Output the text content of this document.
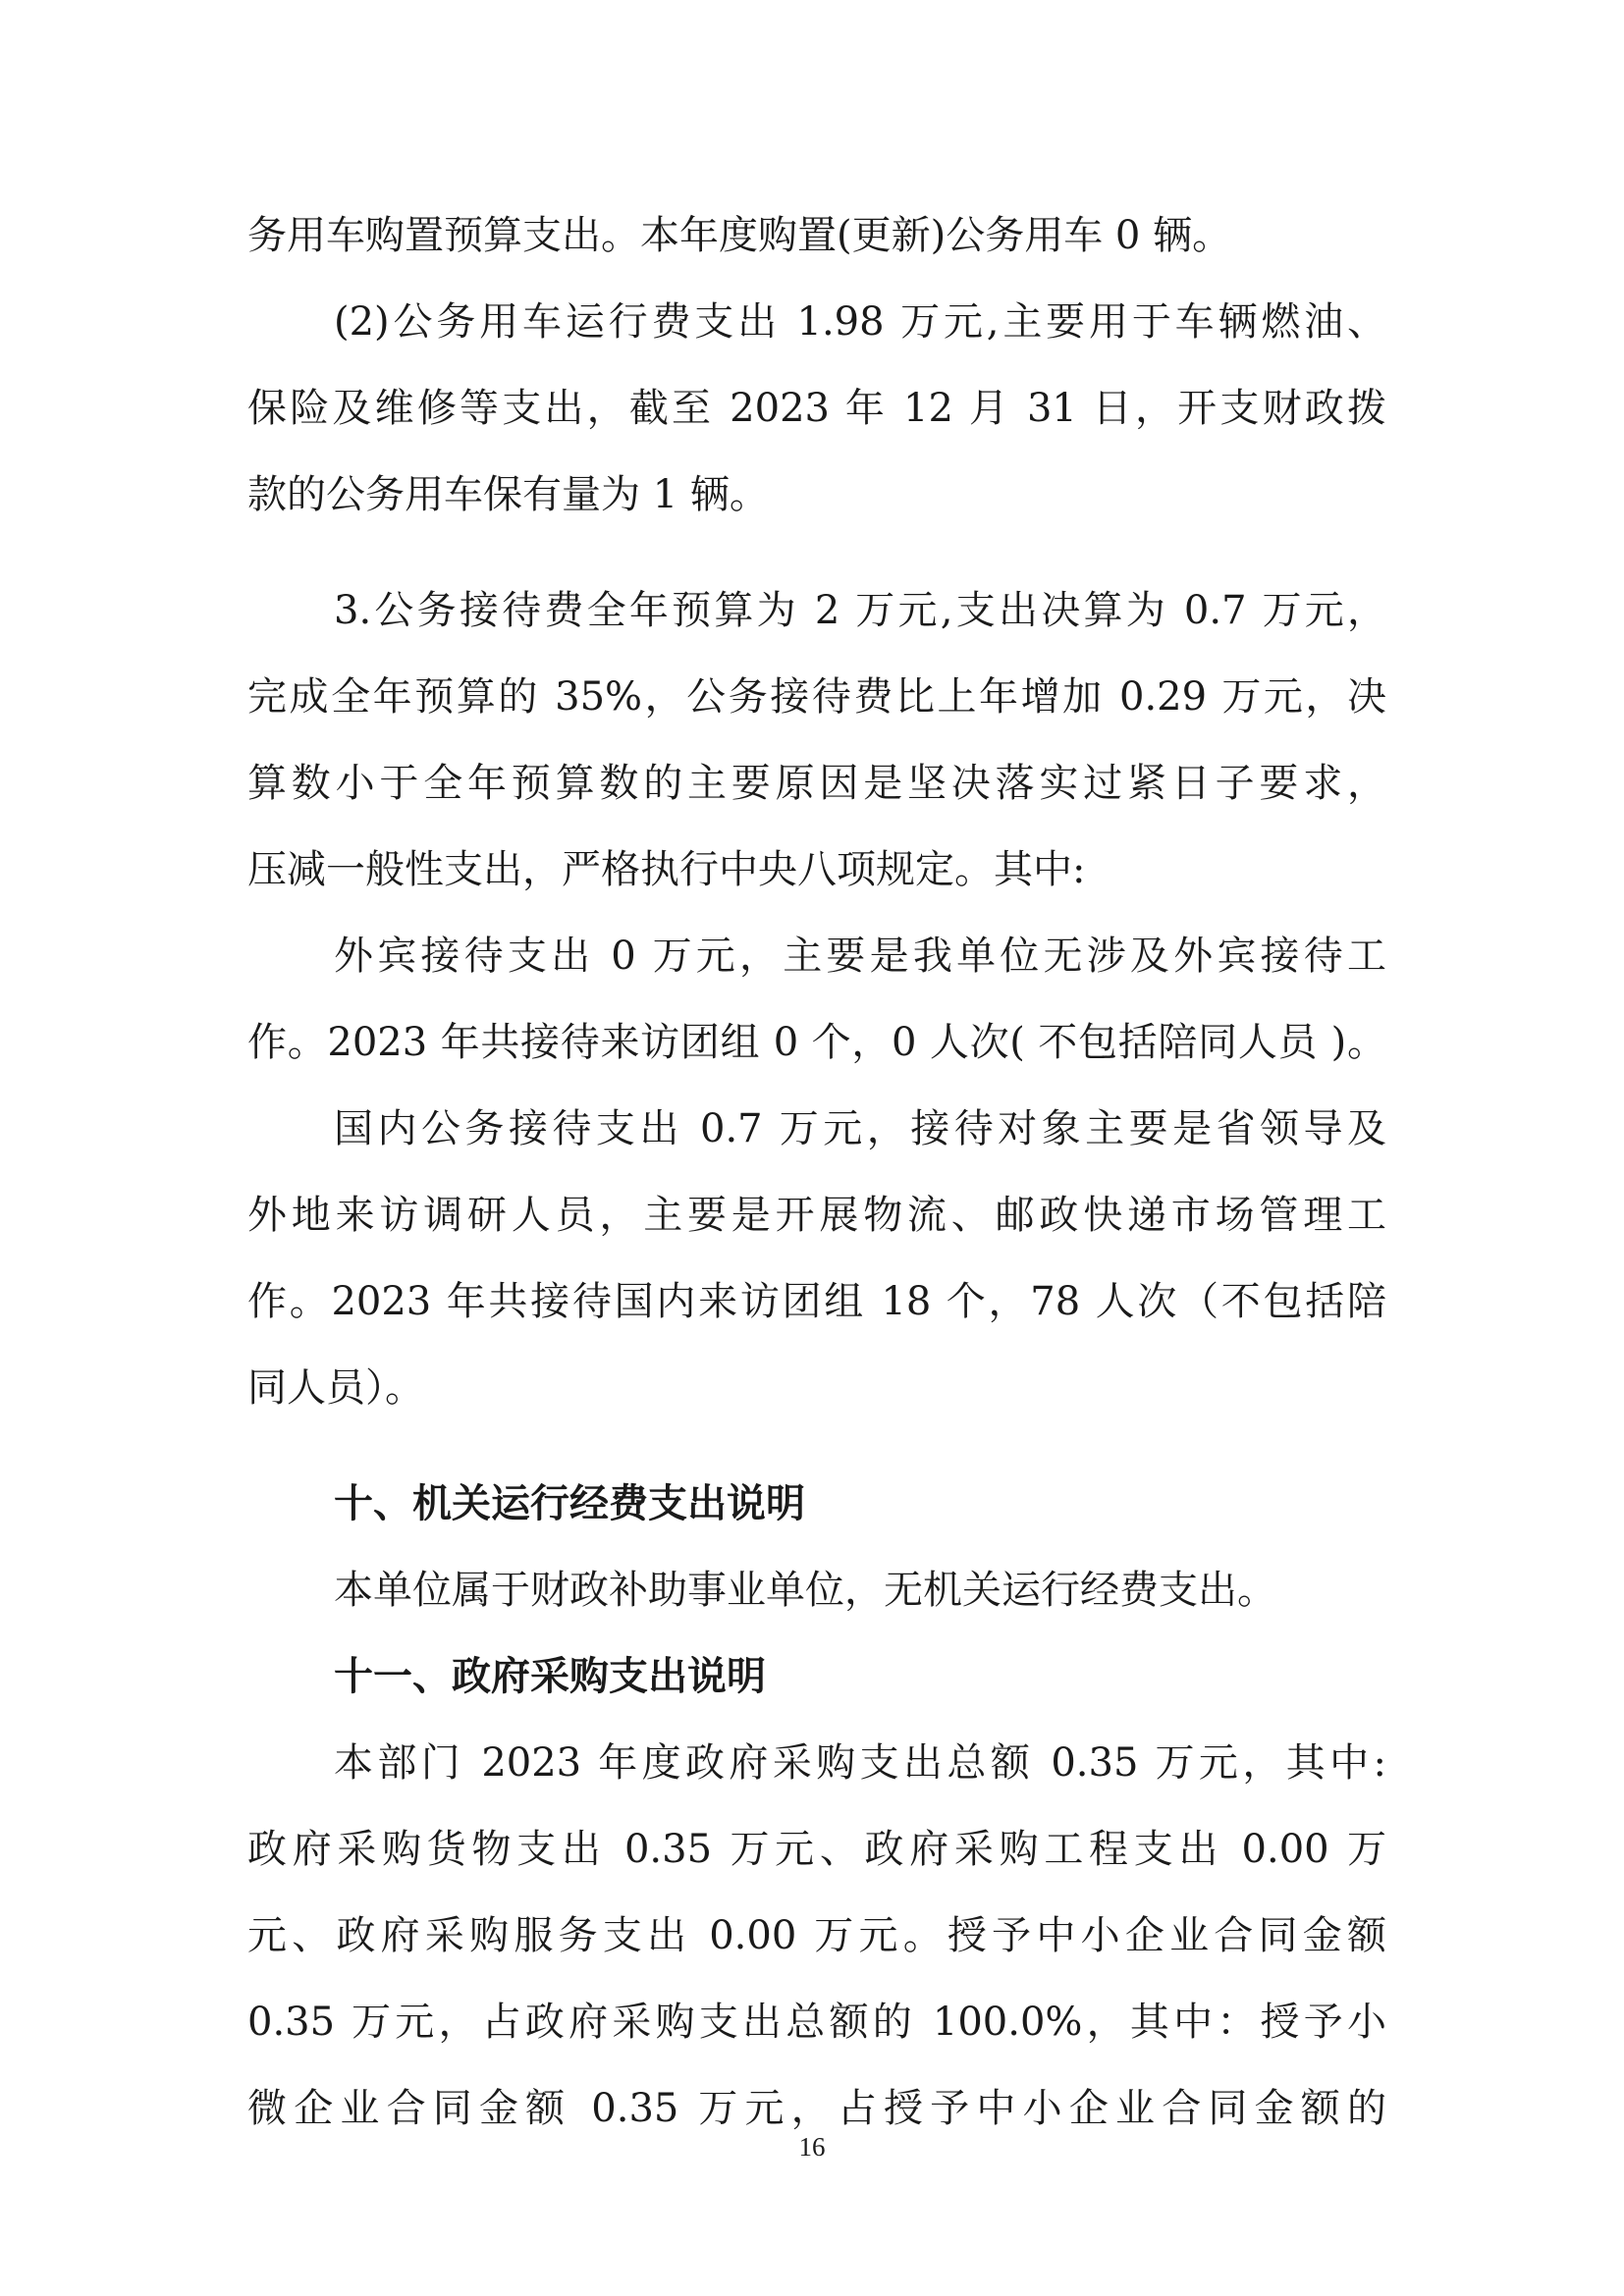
务用车购置预算支出。本年度购置(更新)公务用车 0 辆。
(2)公务用车运行费支出 1.98 万元,主要用于车辆燃油、
保险及维修等支出，截至 2023 年 12 月 31 日，开支财政拨
款的公务用车保有量为 1 辆。
3.公务接待费全年预算为 2 万元,支出决算为 0.7 万元，
完成全年预算的 35%，公务接待费比上年增加 0.29 万元，决
算数小于全年预算数的主要原因是坚决落实过紧日子要求，
压减一般性支出，严格执行中央八项规定。其中:
外宾接待支出 0 万元，主要是我单位无涉及外宾接待工
作。2023 年共接待来访团组 0 个，0 人次( 不包括陪同人员 )。
国内公务接待支出 0.7 万元，接待对象主要是省领导及
外地来访调研人员，主要是开展物流、邮政快递市场管理工
作。2023 年共接待国内来访团组 18 个，78 人次（不包括陪
同人员）。
十、机关运行经费支出说明
本单位属于财政补助事业单位，无机关运行经费支出。
十一、政府采购支出说明
本部门 2023 年度政府采购支出总额 0.35 万元，其中:
政府采购货物支出 0.35 万元、政府采购工程支出 0.00 万
元、政府采购服务支出 0.00 万元。授予中小企业合同金额
0.35 万元，占政府采购支出总额的 100.0%，其中：授予小
微企业合同金额 0.35 万元，占授予中小企业合同金额的
16
